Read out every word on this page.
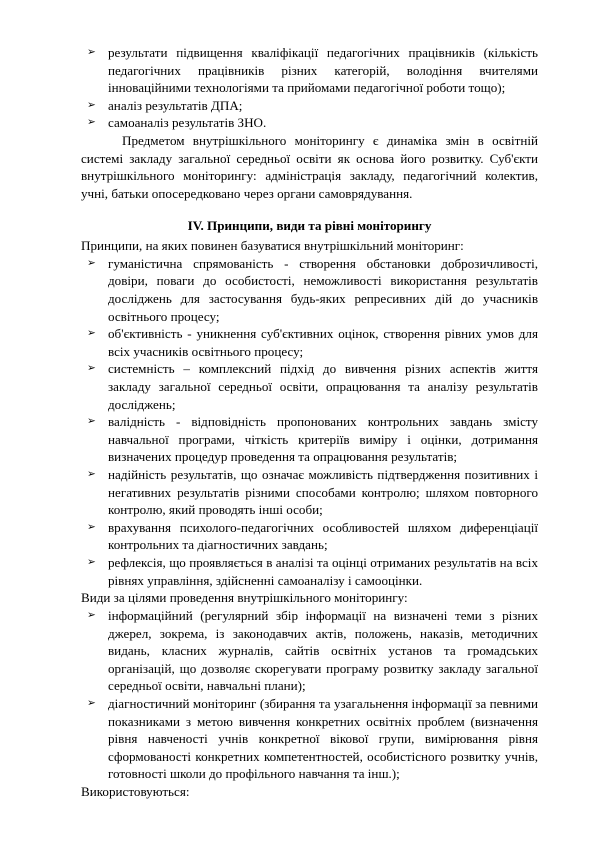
➢ результати підвищення кваліфікації педагогічних працівників (кількість педагогічних працівників різних категорій, володіння вчителями інноваційними технологіями та прийомами педагогічної роботи тощо);
➢ аналіз результатів ДПА;
➢ самоаналіз результатів ЗНО.

Предметом внутрішкільного моніторингу є динаміка змін в освітній системі закладу загальної середньої освіти як основа його розвитку. Суб'єкти внутрішкільного моніторингу: адміністрація закладу, педагогічний колектив, учні, батьки опосередковано через органи самоврядування.

IV. Принципи, види та рівні моніторингу

Принципи, на яких повинен базуватися внутрішкільний моніторинг:

➢ гуманістична спрямованість - створення обстановки доброзичливості, довіри, поваги до особистості, неможливості використання результатів досліджень для застосування будь-яких репресивних дій до учасників освітнього процесу;
➢ об'єктивність - уникнення суб'єктивних оцінок, створення рівних умов для всіх учасників освітнього процесу;
➢ системність – комплексний підхід до вивчення різних аспектів життя закладу загальної середньої освіти, опрацювання та аналізу результатів досліджень;
➢ валідність - відповідність пропонованих контрольних завдань змісту навчальної програми, чіткість критеріїв виміру і оцінки, дотримання визначених процедур проведення та опрацювання результатів;
➢ надійність результатів, що означає можливість підтвердження позитивних і негативних результатів різними способами контролю; шляхом повторного контролю, який проводять інші особи;
➢ врахування психолого-педагогічних особливостей шляхом диференціації контрольних та діагностичних завдань;
➢ рефлексія, що проявляється в аналізі та оцінці отриманих результатів на всіх рівнях управління, здійсненні самоаналізу і самооцінки.

Види за цілями проведення внутрішкільного моніторингу:

➢ інформаційний (регулярний збір інформації на визначені теми з різних джерел, зокрема, із законодавчих актів, положень, наказів, методичних видань, класних журналів, сайтів освітніх установ та громадських організацій, що дозволяє скорегувати програму розвитку закладу загальної середньої освіти, навчальні плани);
➢ діагностичний моніторинг (збирання та узагальнення інформації за певними показниками з метою вивчення конкретних освітніх проблем (визначення рівня навченості учнів конкретної вікової групи, вимірювання рівня сформованості конкретних компетентностей, особистісного розвитку учнів, готовності школи до профільного навчання та інш.);

Використовуються:
